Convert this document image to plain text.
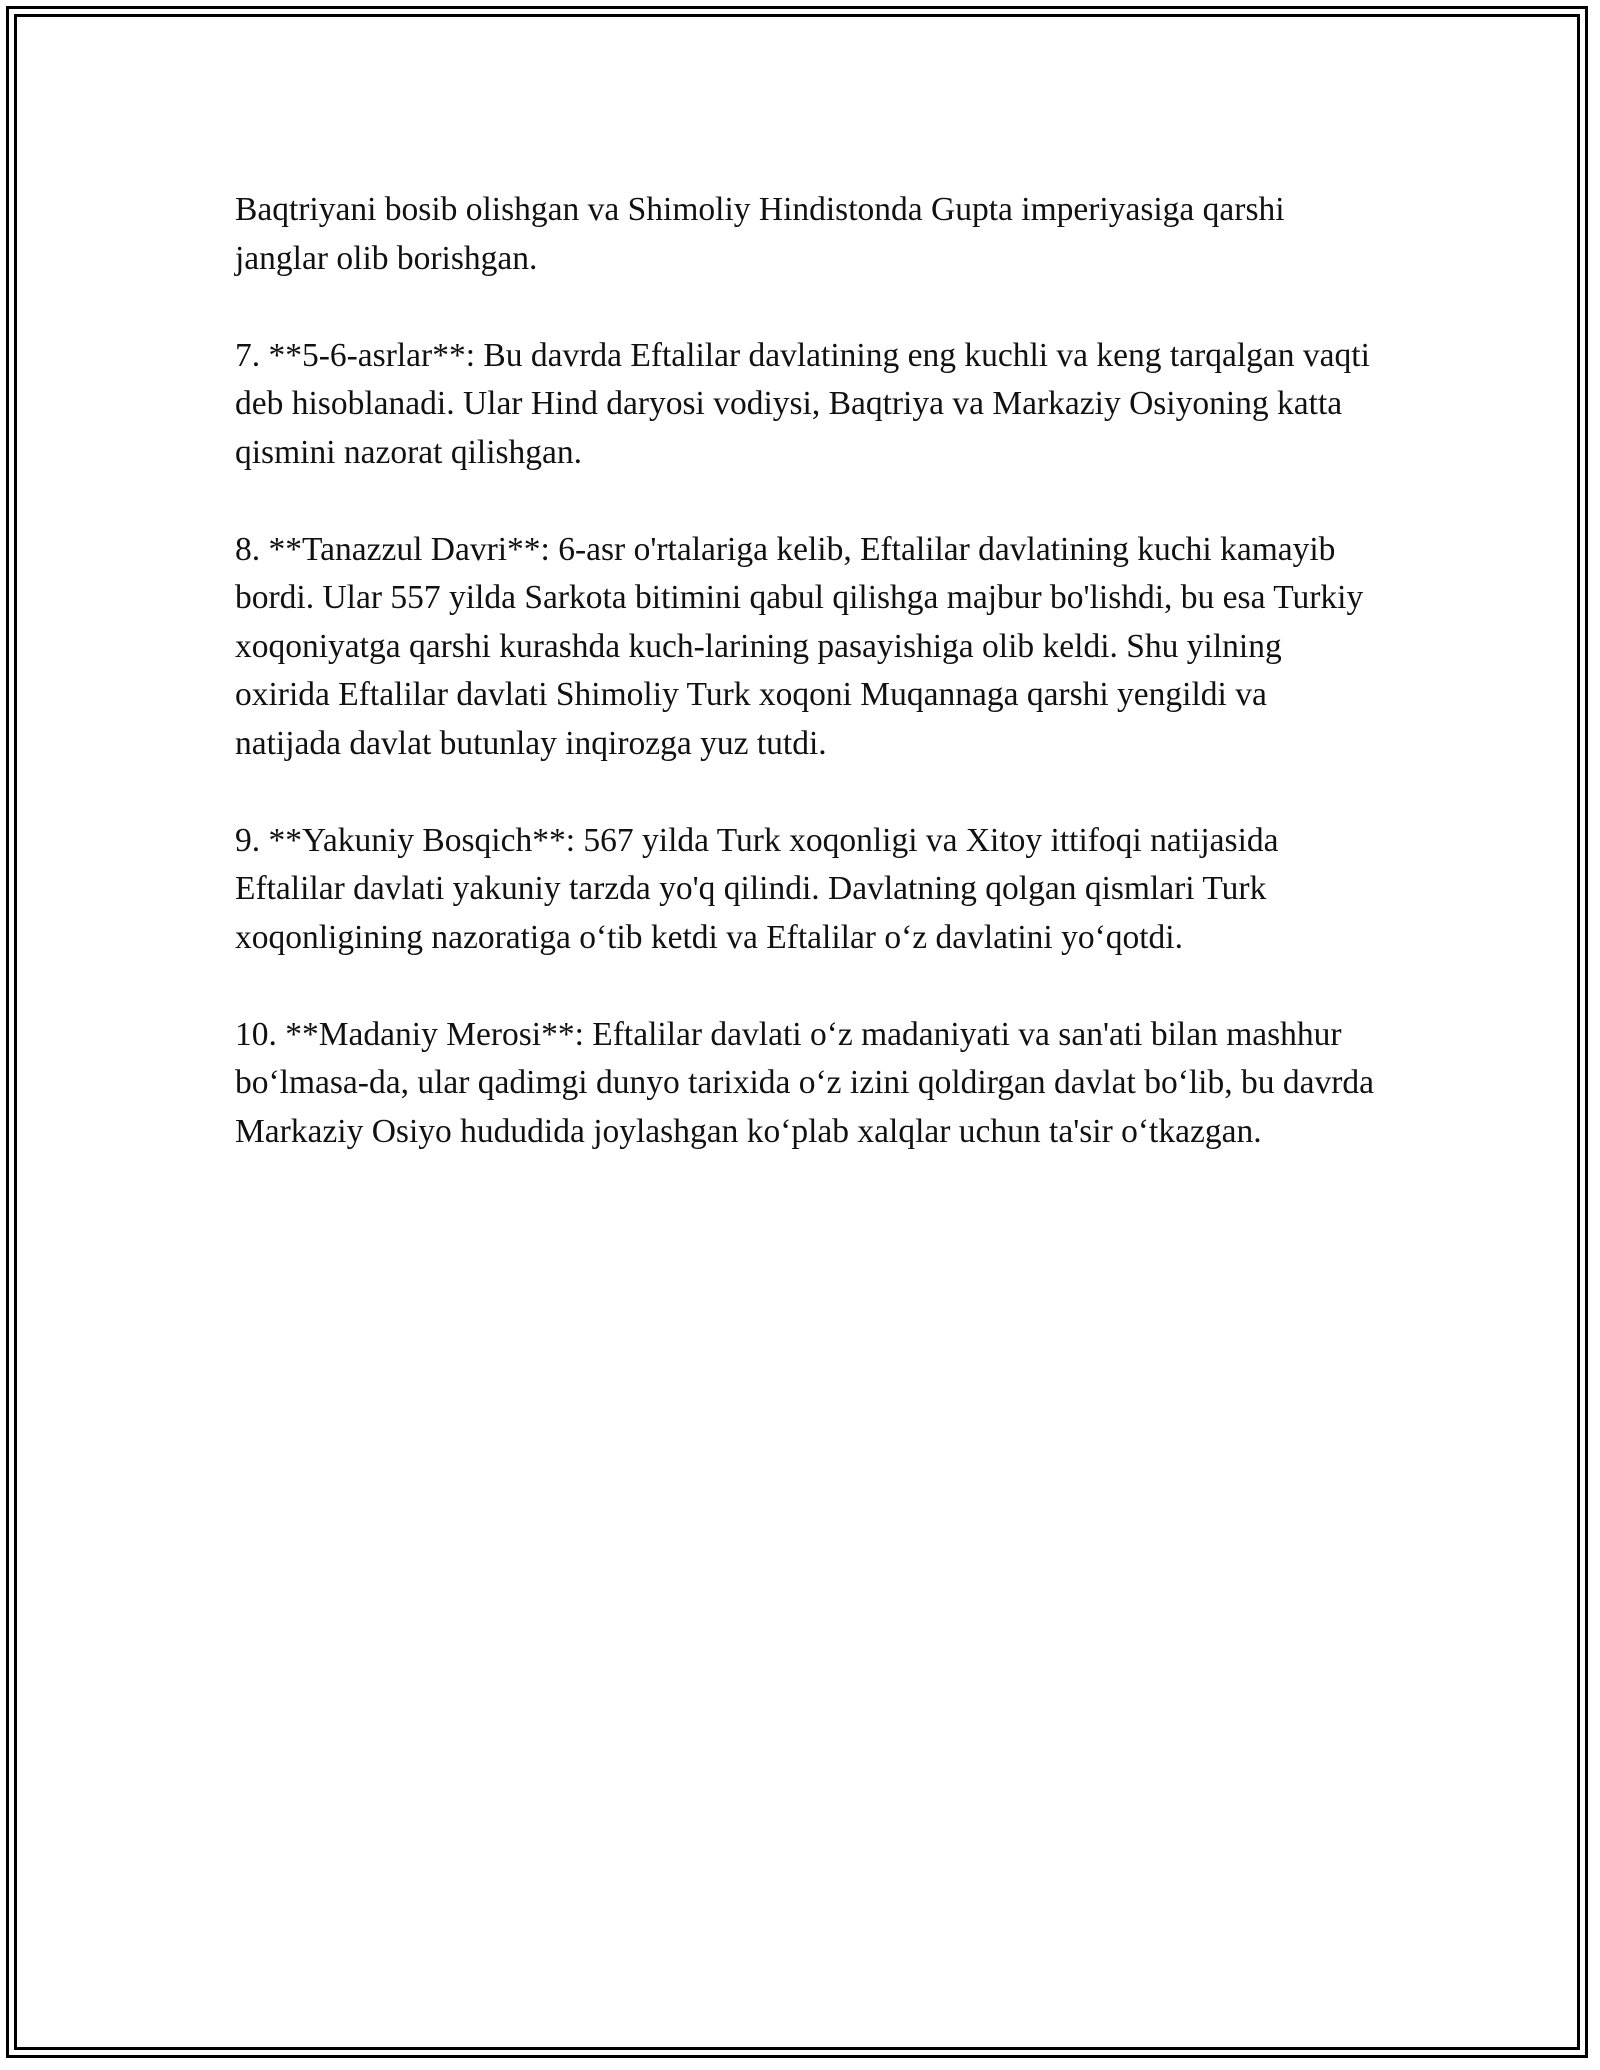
Baqtriyani bosib olishgan va Shimoliy Hindistonda Gupta imperiyasiga qarshi janglar olib borishgan.

7. **5-6-asrlar**: Bu davrda Eftalilar davlatining eng kuchli va keng tarqalgan vaqti deb hisoblanadi. Ular Hind daryosi vodiysi, Baqtriya va Markaziy Osiyoning katta qismini nazorat qilishgan.

8. **Tanazzul Davri**: 6-asr o'rtalariga kelib, Eftalilar davlatining kuchi kamayib bordi. Ular 557 yilda Sarkota bitimini qabul qilishga majbur bo'lishdi, bu esa Turkiy xoqoniyatga qarshi kurashda kuch-larining pasayishiga olib keldi. Shu yilning oxirida Eftalilar davlati Shimoliy Turk xoqoni Muqannaga qarshi yengildi va natijada davlat butunlay inqirozga yuz tutdi.

9. **Yakuniy Bosqich**: 567 yilda Turk xoqonligi va Xitoy ittifoqi natijasida Eftalilar davlati yakuniy tarzda yo'q qilindi. Davlatning qolgan qismlari Turk xoqonligining nazoratiga o‘tib ketdi va Eftalilar o‘z davlatini yo‘qotdi.

10. **Madaniy Merosi**: Eftalilar davlati o‘z madaniyati va san'ati bilan mashhur bo‘lmasa-da, ular qadimgi dunyo tarixida o‘z izini qoldirgan davlat bo‘lib, bu davrda Markaziy Osiyo hududida joylashgan ko‘plab xalqlar uchun ta'sir o‘tkazgan.
